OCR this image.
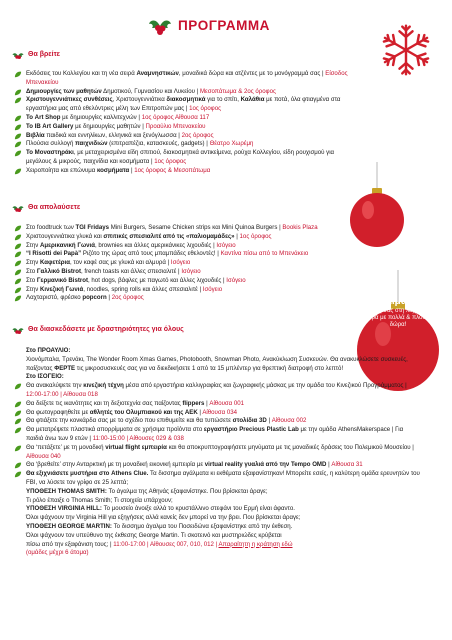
ΠΡΟΓΡΑΜΜΑ
Δοκιμάστε
την τύχη σας στη λαχειοφόρο αγορά με πολλά & πλούσια δώρα!
Θα βρείτε
Εκδόσεις του Κολλεγίου και τη νέα σειρά Αναμνηστικών, μοναδικά δώρα και ατζέντες με το μονόγραμμά σας | Είσοδος Μπενακείου
Δημιουργίες των μαθητών Δημοτικού, Γυμνασίου και Λυκείου | Μεσοπάτωμα & 2ος όροφος
Χριστουγεννιάτικες συνθέσεις, Χριστουγεννιάτικα διακοσμητικά για το σπίτι, Καλάθια με ποτά, όλα φτιαγμένα στα εργαστήρια μας από εθελόντριες μέλη των Επιτροπών μας | 1ος όροφος
Το Art Shop με δημιουργίες καλλιτεχνών | 1ος όροφος Αίθουσα 117
Το IB Art Gallery με δημιουργίες μαθητών | Προαύλιο Μπενακείου
Βιβλία παιδικά και εννηλίκων, ελληνικά και ξενόγλωσσα | 2ος όροφος
Πλούσια συλλογή παιχνιδιών (επιτραπέζια, κατασκευές, gadgets) | Θέατρο Χωρέμη
Το Μοναστηράκι, με μεταχειρισμένα είδη σπιτιού, διακοσμητικά αντικείμενα, ρούχα Κολλεγίου, είδη ρουχισμού για μεγάλους & μικρούς, παιχνίδια και κοσμήματα | 1ος όροφος
Χειροποίητα και επώνυμα κοσμήματα | 1ος όροφος & Μεσοπάτωμα
Θα απολαύσετε
Στο foodtruck των TGI Fridays Mini Burgers, Sesame Chicken strips και Mini Quinoa Burgers | Bookis Plaza
Χριστουγεννιάτικα γλυκά και σπιτικές σπεσιαλιτέ από τις «παλιομαμάδες» | 1ος όροφος
Στην Αμερικανική Γωνιά, brownies και άλλες αμερικάνικες λιχουδιές | Ισόγειο
“I Risotti dei Papà” Ριζότο της ώρας από τους μπαμπάδες εθελοντές! | Καντίνα πίσω από το Μπενάκειο
Στην Καφετέρια, τον καφέ σας με γλυκά και αλμυρά | Ισόγειο
Στο Γαλλικό Bistrot, french toasts και άλλες σπεσιαλιτέ | Ισόγειο
Στο Γερμανικό Bistrot, hot dogs, βάφλες με παγωτό και άλλες λιχουδιές | Ισόγειο
Στην Κινεζική Γωνιά, noodles, spring rolls και άλλες σπεσιαλιτέ | Ισόγειο
Λαχταριστό, φρέσκο popcorn | 2ος όροφος
Θα διασκεδάσετε με δραστηριότητες για όλους
Στο ΠΡΟΑΥΛΙΟ:
Χιονόμπαλα, Τρενάκι, The Wonder Room Xmas Games, Photobooth, Snowman Photo, Ανακύκλωση Συσκευών. Θα ανακυκλώσετε συσκευές, παίζοντας ΦΕΡΤΕ τις μικροσυσκευές σας για να διεκδικήσετε 1 από τα 15 μπλέντερ για θρεπτική διατροφή στο λεπτό!
Στο ΙΣΟΓΕΙΟ:
Θα ανακαλύψετε την κινεζική τέχνη μέσα από εργαστήρια καλλιγραφίας και ζωγραφικής μάσκας με την ομάδα του Κινεζικού Προγράμματος | 12:00-17:00 | Αίθουσα 018
Θα δείξετε τις ικανότητες και τη δεξιοτεχνία σας παίζοντας flippers | Αίθουσα 001
Θα φωτογραφηθείτε με αθλητές του Ολυμπιακού και της ΑΕΚ | Αίθουσα 034
Θα φτιάξετε την κονκάρδα σας με το σχέδιο που επιθυμείτε και θα τυπώσετε στολίδια 3D | Αίθουσα 002
Θα μετατρέψετε πλαστικά απορρίμματα σε χρήσιμα προϊόντα στο εργαστήριο Precious Plastic Lab με την ομάδα AthensMakerspace | Για παιδιά άνω των 9 ετών | 11:00-15:00 | Αίθουσες 029 & 038
Θα ‘πετάξετε’ με τη μοναδική virtual flight εμπειρία και θα αποκρυπτογραφήσετε μηνύματα με τις μοναδικές δράσεις του Πολεμικού Μουσείου | Αίθουσα 040
Θα ‘βρεθείτε’ στην Ανταρκτική με τη μοναδική εικονική εμπειρία με virtual reality γυαλιά από την Tempo OMD | Αίθουσα 31
Θα εξιχνιάσετε μυστήρια στο Athens Clue. Τα δισσημα αγάλματα κι εκθέματα εξαφανίστηκαν! Μπορείτε εσείς, η καλύτερη ομάδα ερευνητών του FBI, να λύσετε τον γρίφο σε 25 λεπτά;
ΥΠΟΘΕΣΗ THOMAS SMITH: Το άγαλμα της Αθηνάς εξαφανίστηκε. Που βρίσκεται άραγε;
Τι ρόλο έπαιξε ο Thomas Smith; Τι στοιχεία υπάρχουν;
ΥΠΟΘΕΣΗ VIRGINIA HILL: Το μουσείο άνοιξε αλλά το κρυστάλλινο στεφάνι του Ερμή είναι άφαντο.
Όλοι ψάχνουν την Virginia Hill για εξηγήσεις αλλά κανείς δεν μπορεί να την βρει. Που βρίσκεται άραγε;
ΥΠΟΘΕΣΗ GEORGE MARTIN: Το δισσημο άγαλμα του Ποσειδώνα εξαφανίστηκε από την έκθεση.
Όλοι ψάχνουν τον υπεύθυνο της έκθεσης George Martin. Τι σκοτεινό και μυστηριώδες κρύβεται
πίσω από την εξαφάνιση τους; | 11:00-17:00 | Αίθουσες 007, 010, 012 | Απαραίτητη η κράτηση εδώ
(ομάδες μέχρι 6 άτομα)
